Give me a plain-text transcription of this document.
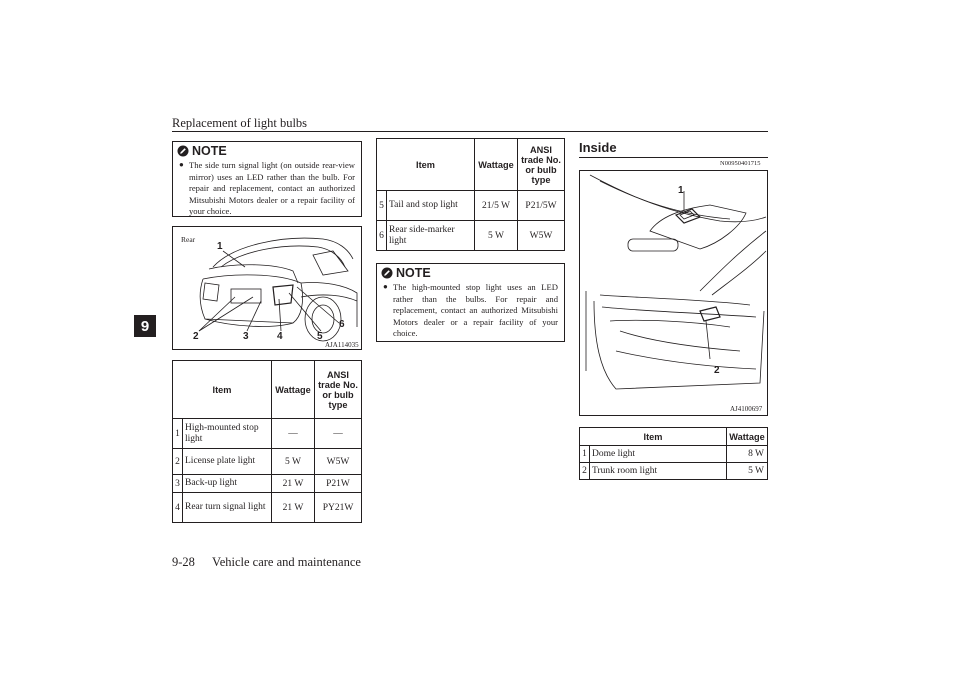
Replacement of light bulbs
9
NOTE
● The side turn signal light (on outside rear-view mirror) uses an LED rather than the bulb. For repair and replacement, contact an authorized Mitsubishi Motors dealer or a repair facility of your choice.
Rear
1
2	3	4	5
6
AJA114035
Item		Wattage	ANSI trade No. or bulb type
1	High-mounted stop light	—	—
2	License plate light	5 W	W5W
3	Back-up light	21 W	P21W
4	Rear turn signal light	21 W	PY21W
Item		Wattage	ANSI trade No. or bulb type
5	Tail and stop light	21/5 W	P21/5W
6	Rear side-marker light	5 W	W5W
NOTE
● The high-mounted stop light uses an LED rather than the bulbs. For repair and replacement, contact an authorized Mitsubishi Motors dealer or a repair facility of your choice.
Inside
N00950401715
1
2
AJ4100697
Item		Wattage
1	Dome light	8 W
2	Trunk room light	5 W
9-28 Vehicle care and maintenance
